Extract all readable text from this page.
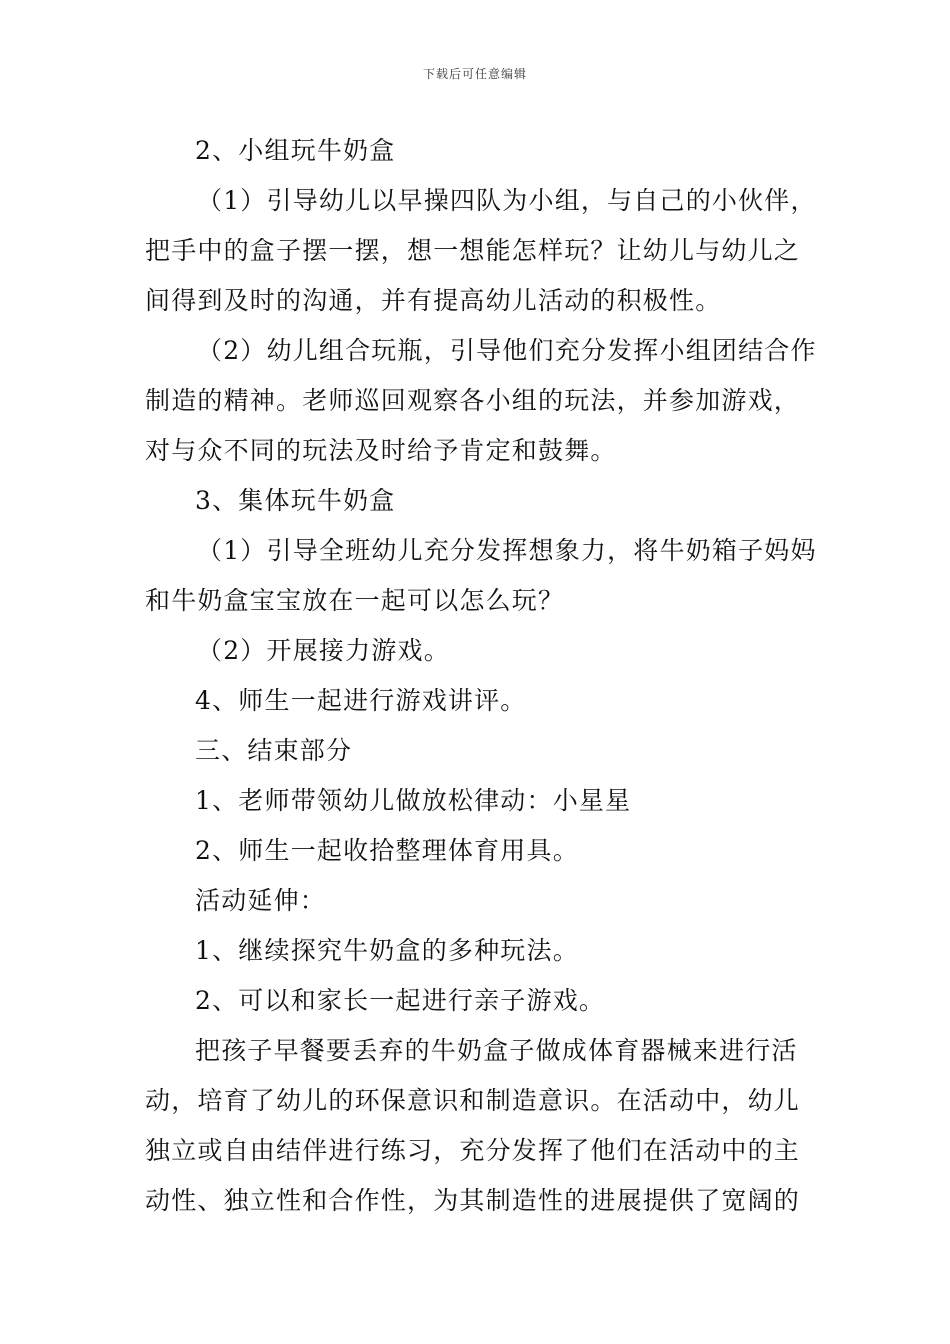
下载后可任意编辑
2、小组玩牛奶盒
（1）引导幼儿以早操四队为小组，与自己的小伙伴，
把手中的盒子摆一摆，想一想能怎样玩？让幼儿与幼儿之
间得到及时的沟通，并有提高幼儿活动的积极性。
（2）幼儿组合玩瓶，引导他们充分发挥小组团结合作
制造的精神。老师巡回观察各小组的玩法，并参加游戏，
对与众不同的玩法及时给予肯定和鼓舞。
3、集体玩牛奶盒
（1）引导全班幼儿充分发挥想象力，将牛奶箱子妈妈
和牛奶盒宝宝放在一起可以怎么玩？
（2）开展接力游戏。
4、师生一起进行游戏讲评。
三、结束部分
1、老师带领幼儿做放松律动：小星星
2、师生一起收拾整理体育用具。
活动延伸：
1、继续探究牛奶盒的多种玩法。
2、可以和家长一起进行亲子游戏。
把孩子早餐要丢弃的牛奶盒子做成体育器械来进行活
动，培育了幼儿的环保意识和制造意识。在活动中，幼儿
独立或自由结伴进行练习，充分发挥了他们在活动中的主
动性、独立性和合作性，为其制造性的进展提供了宽阔的
